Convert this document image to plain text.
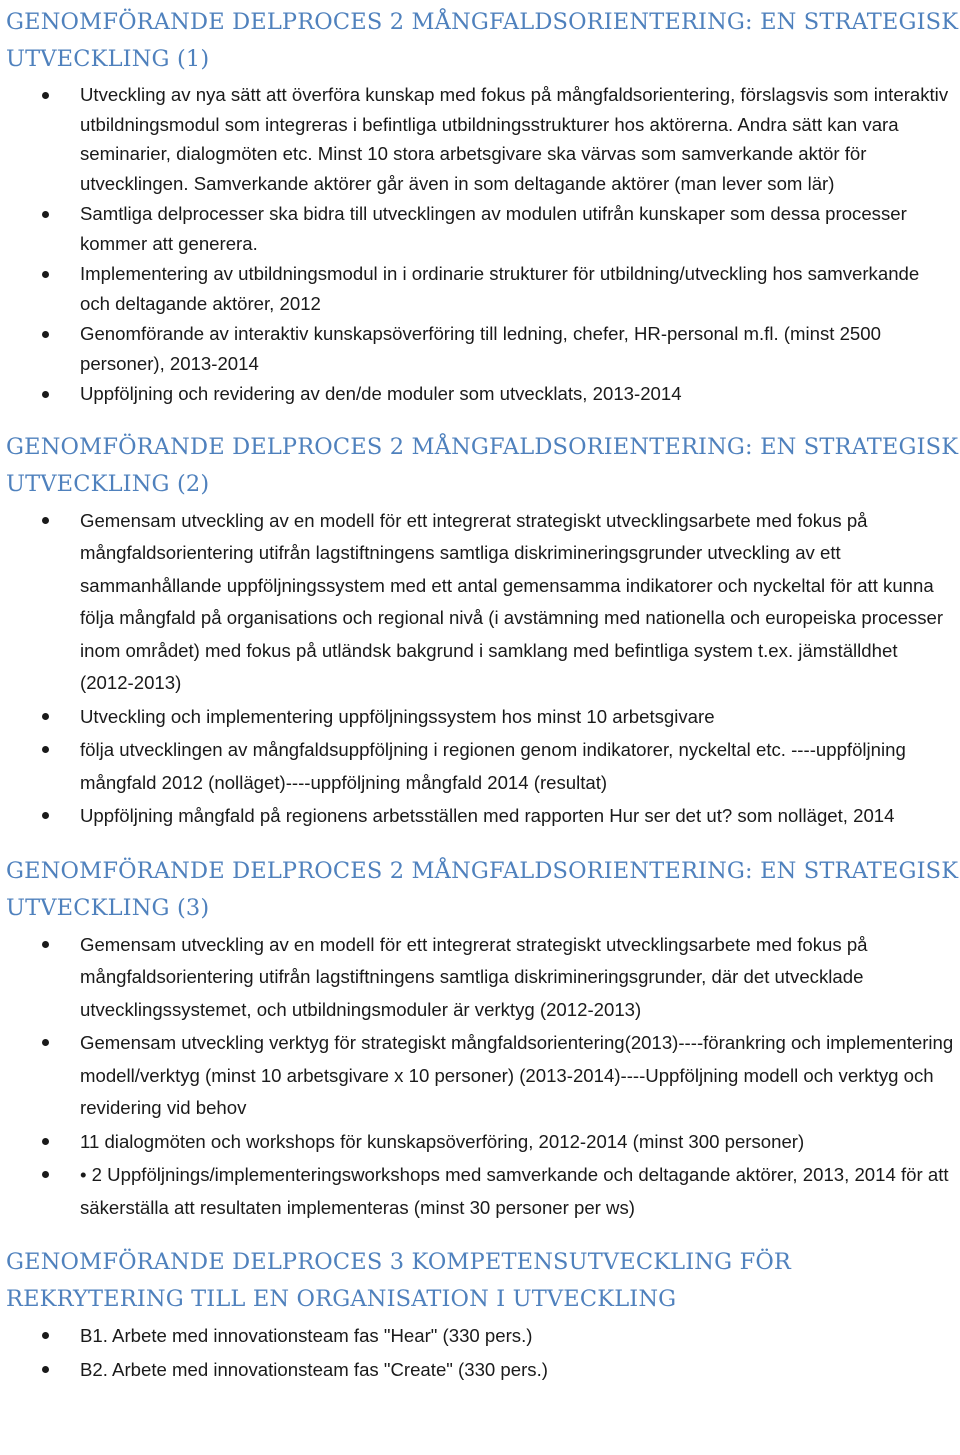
GENOMFÖRANDE DELPROCES 2 MÅNGFALDSORIENTERING: EN STRATEGISK
UTVECKLING (1)
Utveckling av nya sätt att överföra kunskap med fokus på mångfaldsorientering, förslagsvis som interaktiv utbildningsmodul som integreras i befintliga utbildningsstrukturer hos aktörerna. Andra sätt kan vara seminarier, dialogmöten etc. Minst 10 stora arbetsgivare ska värvas som samverkande aktör för utvecklingen. Samverkande aktörer går även in som deltagande aktörer (man lever som lär)
Samtliga delprocesser ska bidra till utvecklingen av modulen utifrån kunskaper som dessa processer kommer att generera.
Implementering av utbildningsmodul in i ordinarie strukturer för utbildning/utveckling hos samverkande och deltagande aktörer, 2012
Genomförande av interaktiv kunskapsöverföring till ledning, chefer, HR-personal m.fl. (minst 2500 personer), 2013-2014
Uppföljning och revidering av den/de moduler som utvecklats, 2013-2014
GENOMFÖRANDE DELPROCES 2 MÅNGFALDSORIENTERING: EN STRATEGISK
UTVECKLING (2)
Gemensam utveckling av en modell för ett integrerat strategiskt utvecklingsarbete med fokus på mångfaldsorientering utifrån lagstiftningens samtliga diskrimineringsgrunder utveckling av ett sammanhållande uppföljningssystem med ett antal gemensamma indikatorer och nyckeltal för att kunna följa mångfald på organisations och regional nivå (i avstämning med nationella och europeiska processer inom området) med fokus på utländsk bakgrund i samklang med befintliga system t.ex. jämställdhet (2012-2013)
Utveckling och implementering uppföljningssystem hos minst 10 arbetsgivare
följa utvecklingen av mångfaldsuppföljning i regionen genom indikatorer, nyckeltal etc. ----uppföljning mångfald 2012 (nolläget)----uppföljning mångfald 2014 (resultat)
Uppföljning mångfald på regionens arbetsställen med rapporten Hur ser det ut? som nolläget, 2014
GENOMFÖRANDE DELPROCES 2 MÅNGFALDSORIENTERING: EN STRATEGISK
UTVECKLING (3)
Gemensam utveckling av en modell för ett integrerat strategiskt utvecklingsarbete med fokus på mångfaldsorientering utifrån lagstiftningens samtliga diskrimineringsgrunder, där det utvecklade utvecklingssystemet, och utbildningsmoduler är verktyg (2012-2013)
Gemensam utveckling verktyg för strategiskt mångfaldsorientering(2013)----förankring och implementering modell/verktyg (minst 10 arbetsgivare x 10 personer) (2013-2014)----Uppföljning modell och verktyg och revidering vid behov
11 dialogmöten och workshops för kunskapsöverföring, 2012-2014 (minst 300 personer)
• 2 Uppföljnings/implementeringsworkshops med samverkande och deltagande aktörer, 2013, 2014 för att säkerställa att resultaten implementeras (minst 30 personer per ws)
GENOMFÖRANDE DELPROCES 3 KOMPETENSUTVECKLING FÖR
REKRYTERING TILL EN ORGANISATION I UTVECKLING
B1. Arbete med innovationsteam fas "Hear" (330 pers.)
B2. Arbete med innovationsteam fas "Create" (330 pers.)
